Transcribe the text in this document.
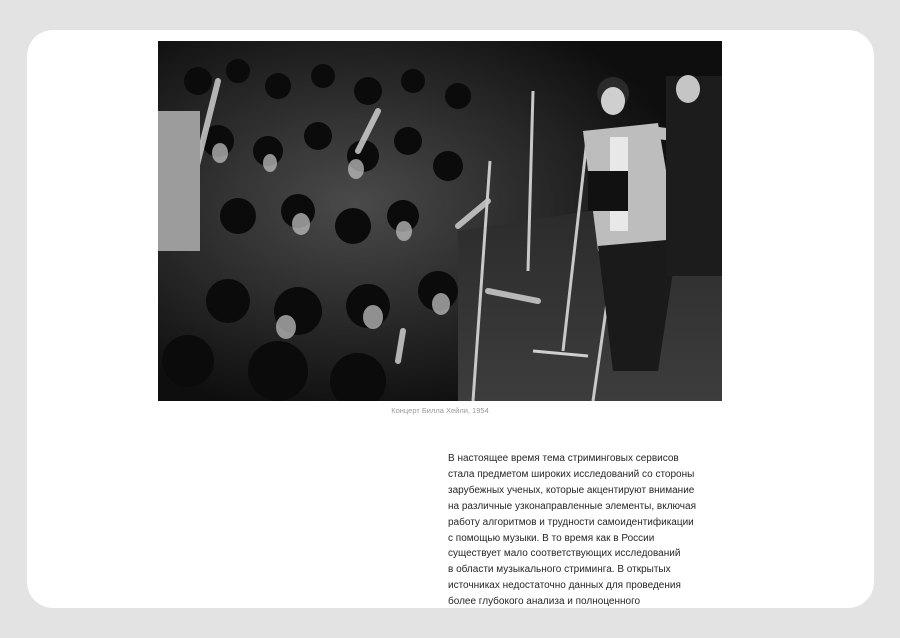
Концерт Билла Хейли, 1954
В настоящее время тема стриминговых сервисов
стала предметом широких исследований со стороны
зарубежных ученых, которые акцентируют внимание
на различные узконаправленные элементы, включая
работу алгоритмов и трудности самоидентификации
с помощью музыки. В то время как в России
существует мало соответствующих исследований
в области музыкального стриминга. В открытых
источниках недостаточно данных для проведения
более глубокого анализа и полноценного
